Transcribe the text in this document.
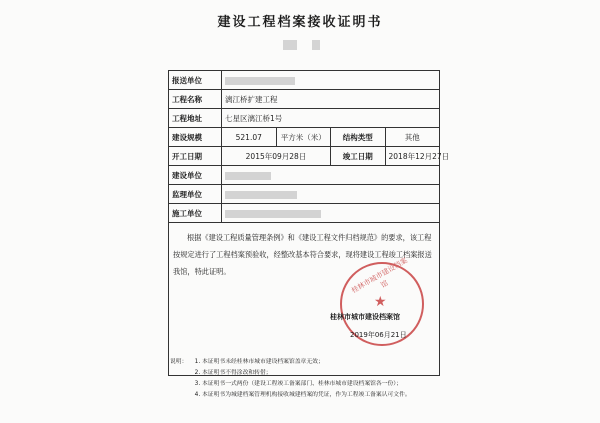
建设工程档案接收证明书
报送单位				
工程名称	漓江桥扩建工程			
工程地址	七星区漓江桥1号			
建设规模	521.07	平方米（米）	结构类型	其他
开工日期	2015年09月28日		竣工日期	2018年12月27日
建设单位				
监理单位				
施工单位				

根据《建设工程质量管理条例》和《建设工程文件归档规范》的要求，该工程按规定进行了工程档案预验收，经整改基本符合要求，现将建设工程竣工档案报送我馆，特此证明。					桂林市城市建设档案馆
★
桂林市城市建设档案馆
2019年06月21日
说明：	1. 本证明书未经桂林市城市建设档案馆盖章无效；
2. 本证明书不得涂改和转借；
3. 本证明书一式两份（建设工程竣工备案部门、桂林市城市建设档案馆各一份）；
4. 本证明书为城建档案管理机构接收城建档案的凭证，作为工程竣工备案认可文件。
